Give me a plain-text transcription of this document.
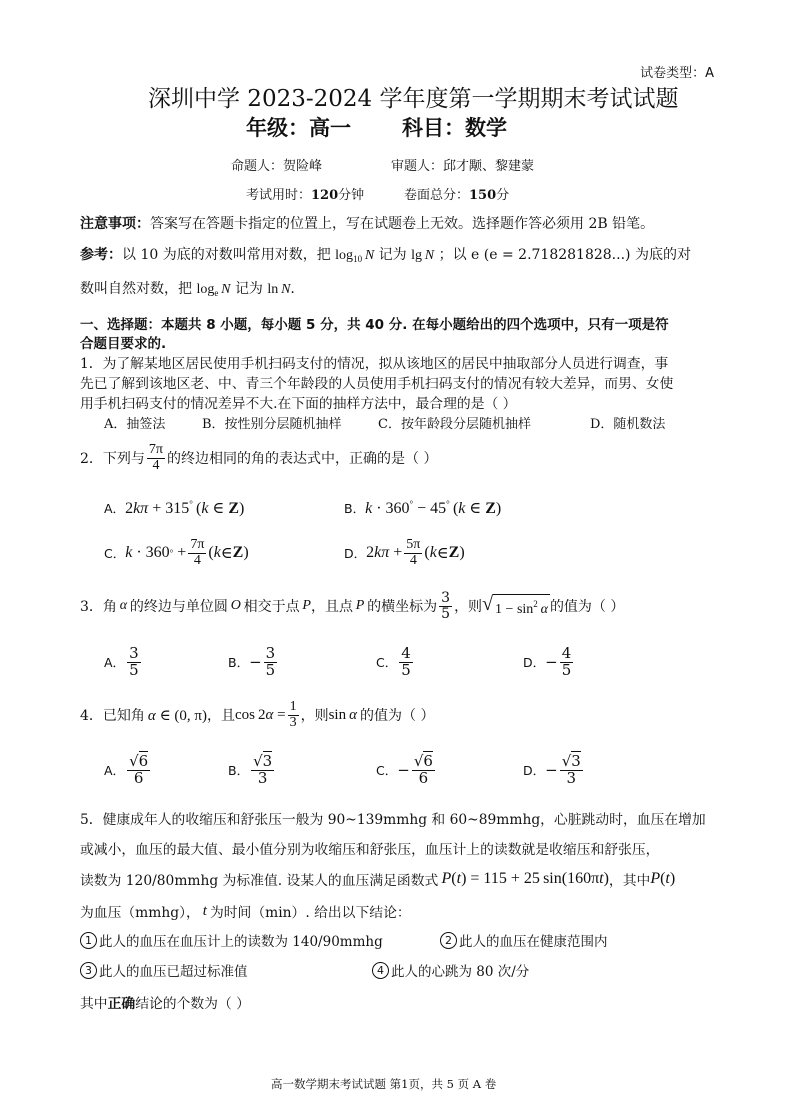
试卷类型：A
深圳中学 2023-2024 学年度第一学期期末考试试题
年级：高一 科目：数学
命题人：贺险峰	审题人：邱才颙、黎建蒙
考试用时：120分钟	卷面总分：150分
注意事项：答案写在答题卡指定的位置上，写在试题卷上无效。选择题作答必须用 2B 铅笔。
参考：以 10 为底的对数叫常用对数，把 $\log_{10} N$ 记为 lg N ；以 e (e = 2.718281828...) 为底的对
数叫自然对数，把 $\log_e N$ 记为 ln N.
一、选择题：本题共 8 小题，每小题 5 分，共 40 分. 在每小题给出的四个选项中，只有一项是符
合题目要求的.
1．为了解某地区居民使用手机扫码支付的情况，拟从该地区的居民中抽取部分人员进行调查，事
先已了解到该地区老、中、青三个年龄段的人员使用手机扫码支付的情况有较大差异，而男、女使
用手机扫码支付的情况差异不大.在下面的抽样方法中，最合理的是（ ）
A．抽签法	B．按性别分层随机抽样	C．按年龄段分层随机抽样	D．随机数法
2．下列与 $\frac{7\pi}{4}$ 的终边相同的角的表达式中，正确的是（ ）
A． 2kπ + 315° (k ∈ Z)	B． k · 360° − 45° (k ∈ Z)
C． k · 360 ° + $\frac{7\pi}{4}$ ( k ∈ Z )	D． 2 $k\pi + \frac{5\pi}{4}$ ( k ∈ Z )
3．角  α  的终边与单位圆  O  相交于点  P ，且点  P  的横坐标为 $\frac{3}{5}$ ，则 √ $1 - \sin^2 \alpha$ 的值为（ ）
A． $\frac{3}{5}$	B． − $\frac{3}{5}$	C． $\frac{4}{5}$	D． − $\frac{4}{5}$
4．已知角  α ∈ (0, π) ，且 cos
  2 $\alpha = \frac{1}{3}$ ，则 sin α  的值为（ ）
A． $\frac{√6}{6}$	B． $\frac{√3}{3}$	C． − $\frac{√6}{6}$	D． − $\frac{√3}{3}$
5．健康成年人的收缩压和舒张压一般为 90~139mmhg 和 60~89mmhg，心脏跳动时，血压在增加
或减小，血压的最大值、最小值分别为收缩压和舒张压，血压计上的读数就是收缩压和舒张压，
读数为 120/80mmhg 为标准值. 设某人的血压满足函数式  P(t) = 115 + 25 sin(160πt) ，其中 P(t)
为血压（mmhg），  t  为时间（min）. 给出以下结论：
1 此人的血压在血压计上的读数为 140/90mmhg	2 此人的血压在健康范围内
3 此人的血压已超过标准值	4 此人的心跳为 80 次/分
其中正确结论的个数为（ ）
高一数学期末考试试题 第1页，共 5 页 A 卷
